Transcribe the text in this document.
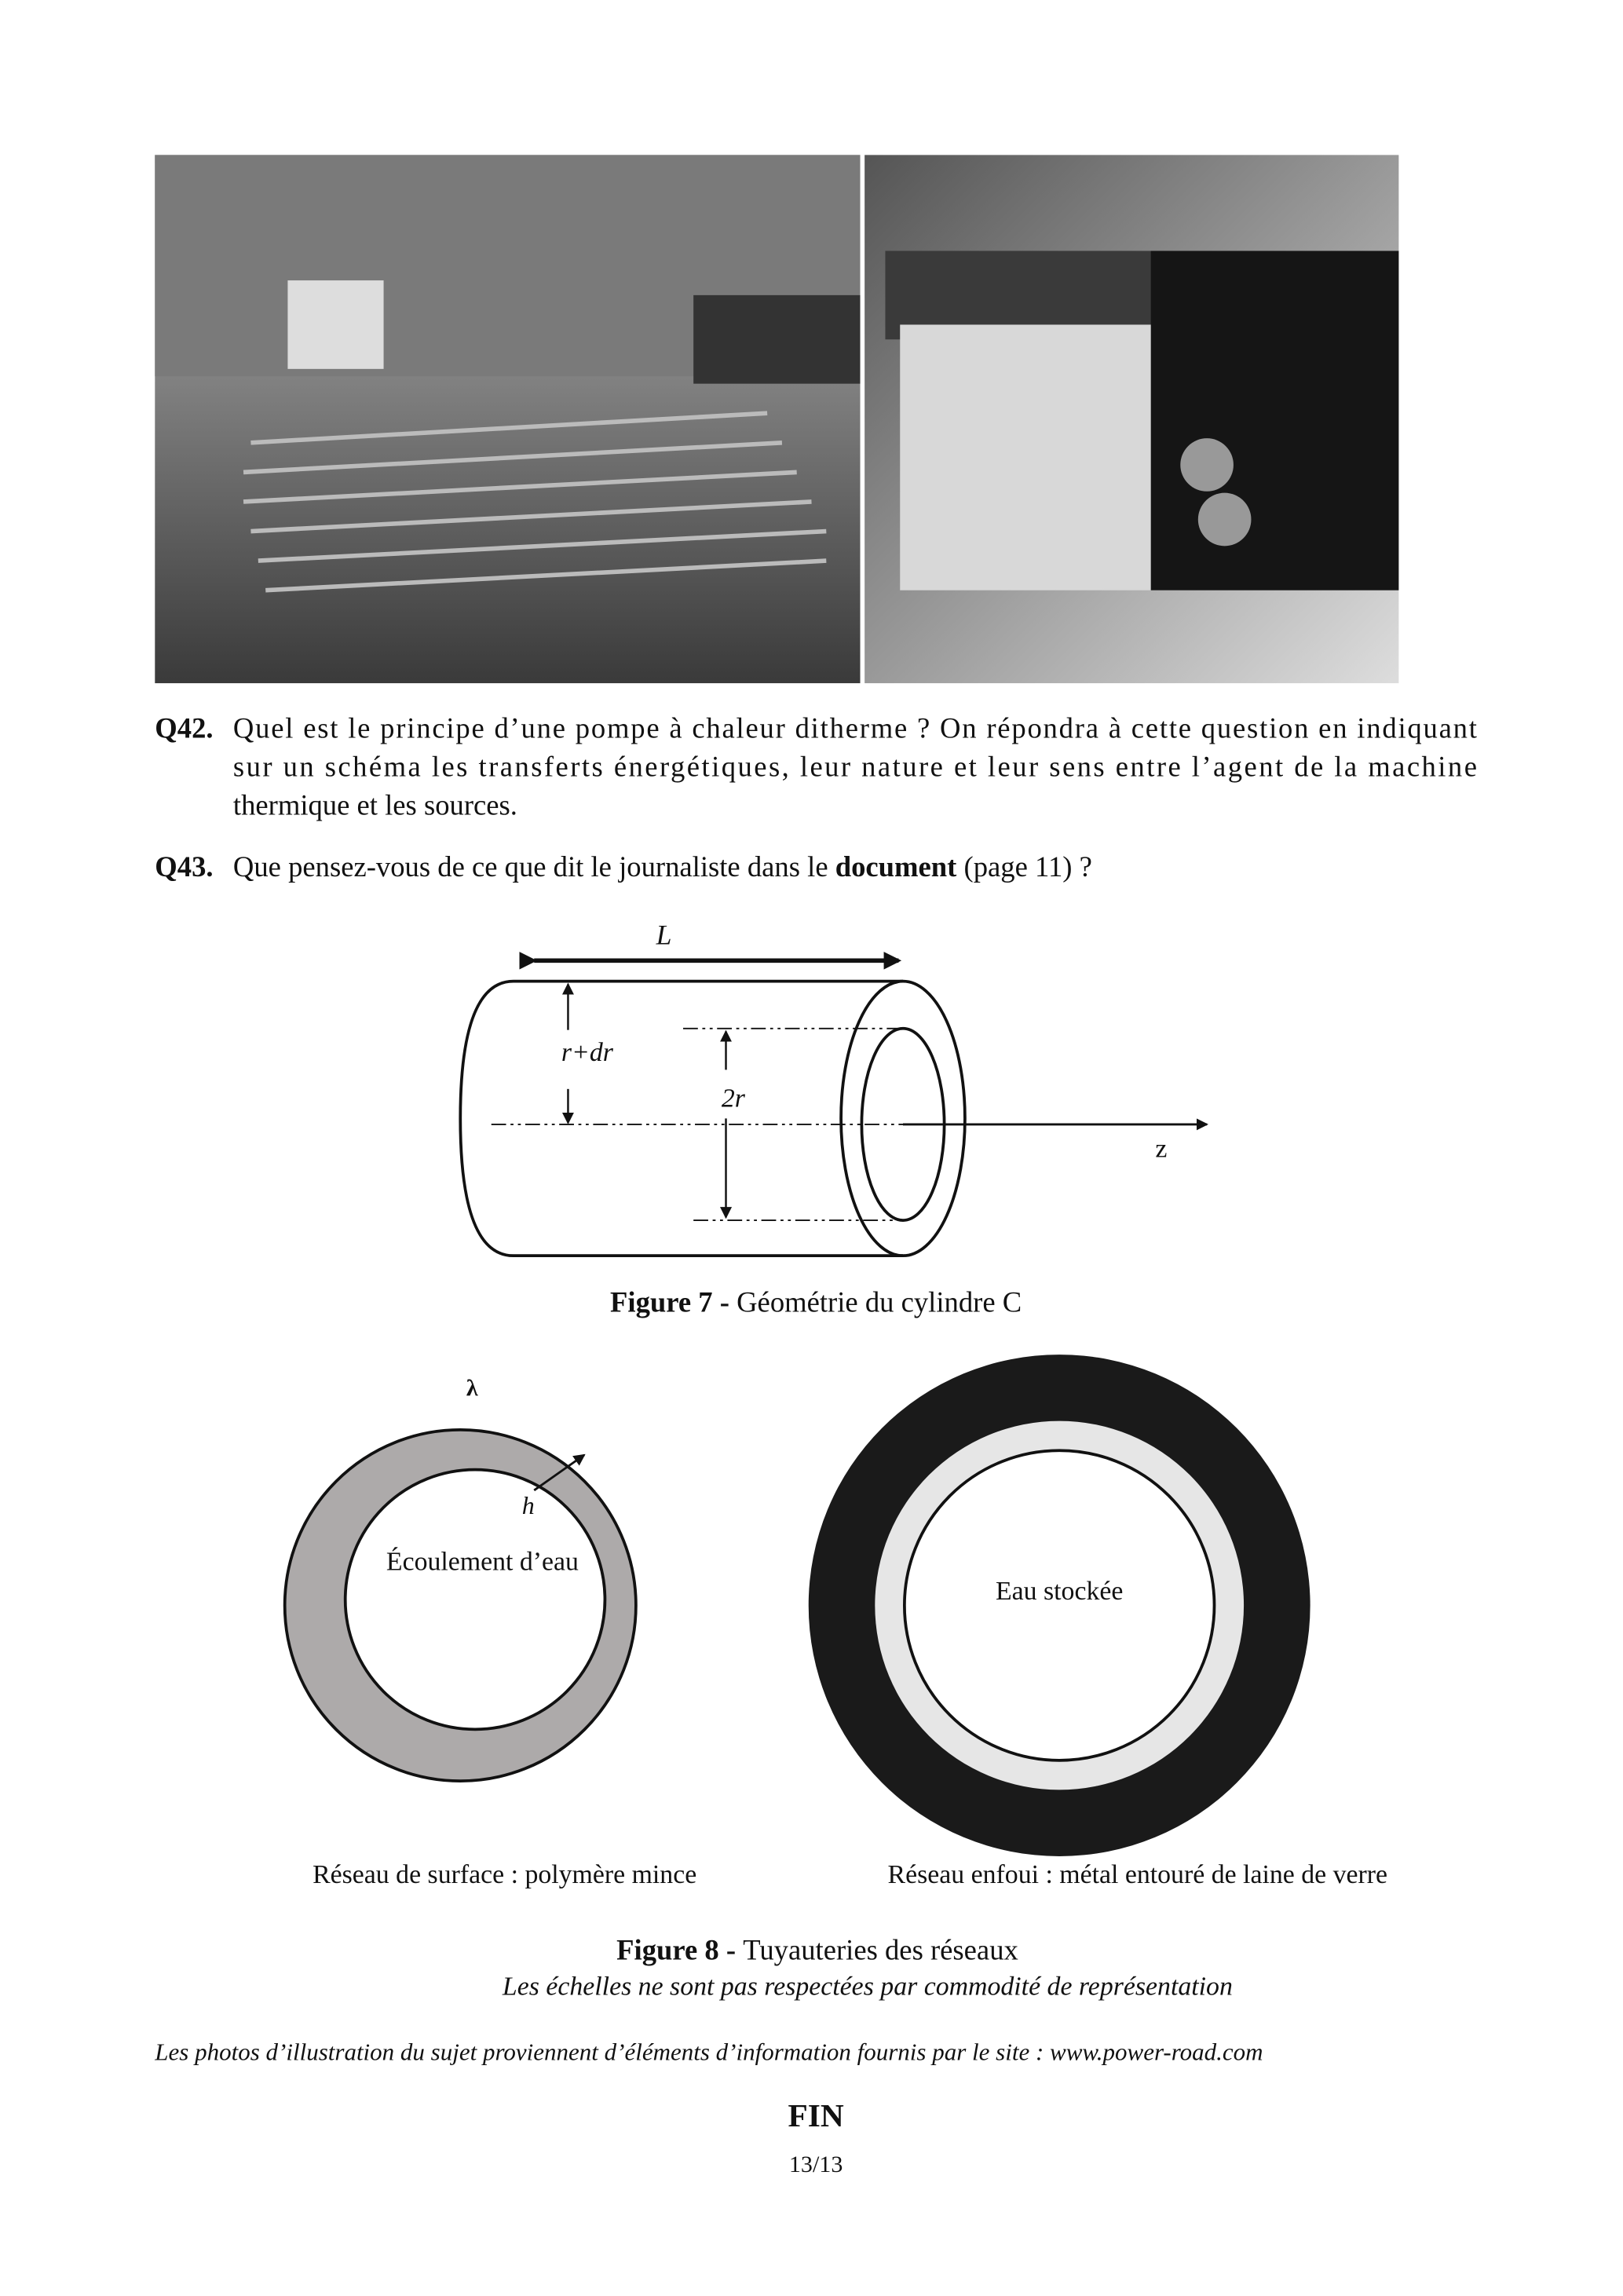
Q42. Quel est le principe d’une pompe à chaleur ditherme ? On répondra à cette question en indiquant
sur un schéma les transferts énergétiques, leur nature et leur sens entre l’agent de la machine
thermique et les sources.
Q43. Que pensez-vous de ce que dit le journaliste dans le document (page 11) ?
L
r+dr
2r
z
Figure 7 - Géométrie du cylindre C
λ
h
Écoulement d’eau
Réseau de surface : polymère mince
Eau stockée
Réseau enfoui : métal entouré de laine de verre
Figure 8 - Tuyauteries des réseaux
Les échelles ne sont pas respectées par commodité de représentation
Les photos d’illustration du sujet proviennent d’éléments d’information fournis par le site : www.power-road.com
FIN
13/13
